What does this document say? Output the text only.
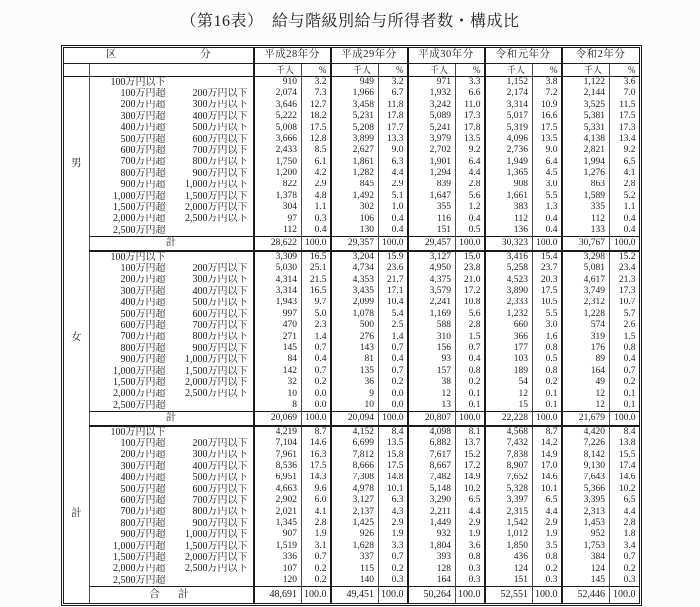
（第16表）　給与階級別給与所得者数・構成比
区 分		平成28年分		平成29年分		平成30年分		令和元年分		令和2年分	
		千人	%	千人	%	千人	%	千人	%	千人	%
男	100万円以下	910	3.2	949	3.2	971	3.3	1,152	3.8	1,122	3.6
	100万円超 200万円以下	2,074	7.3	1,966	6.7	1,932	6.6	2,174	7.2	2,144	7.0
	200万円超 300万円以下	3,646	12.7	3,458	11.8	3,242	11.0	3,314	10.9	3,525	11.5
	300万円超 400万円以下	5,222	18.2	5,231	17.8	5,089	17.3	5,017	16.6	5,381	17.5
	400万円超 500万円以下	5,008	17.5	5,208	17.7	5,241	17.8	5,319	17.5	5,331	17.3
	500万円超 600万円以下	3,666	12.8	3,899	13.3	3,979	13.5	4,096	13.5	4,138	13.4
	600万円超 700万円以下	2,433	8.5	2,627	9.0	2,702	9.2	2,736	9.0	2,821	9.2
	700万円超 800万円以下	1,750	6.1	1,861	6.3	1,901	6.4	1,949	6.4	1,994	6.5
	800万円超 900万円以下	1,200	4.2	1,282	4.4	1,294	4.4	1,365	4.5	1,276	4.1
	900万円超 1,000万円以下	822	2.9	845	2.9	839	2.8	908	3.0	863	2.8
	1,000万円超 1,500万円以下	1,378	4.8	1,492	5.1	1,647	5.6	1,661	5.5	1,589	5.2
	1,500万円超 2,000万円以下	304	1.1	302	1.0	355	1.2	383	1.3	335	1.1
	2,000万円超 2,500万円以下	97	0.3	106	0.4	116	0.4	112	0.4	112	0.4
	2,500万円超	112	0.4	130	0.4	151	0.5	136	0.4	133	0.4
	計	28,622	100.0	29,357	100.0	29,457	100.0	30,323	100.0	30,767	100.0
女	100万円以下	3,309	16.5	3,204	15.9	3,127	15.0	3,416	15.4	3,298	15.2
	100万円超 200万円以下	5,030	25.1	4,734	23.6	4,950	23.8	5,258	23.7	5,081	23.4
	200万円超 300万円以下	4,314	21.5	4,353	21.7	4,375	21.0	4,523	20.3	4,617	21.3
	300万円超 400万円以下	3,314	16.5	3,435	17.1	3,579	17.2	3,890	17.5	3,749	17.3
	400万円超 500万円以下	1,943	9.7	2,099	10.4	2,241	10.8	2,333	10.5	2,312	10.7
	500万円超 600万円以下	997	5.0	1,078	5.4	1,169	5.6	1,232	5.5	1,228	5.7
	600万円超 700万円以下	470	2.3	500	2.5	588	2.8	660	3.0	574	2.6
	700万円超 800万円以下	271	1.4	276	1.4	310	1.5	366	1.6	319	1.5
	800万円超 900万円以下	145	0.7	143	0.7	156	0.7	177	0.8	176	0.8
	900万円超 1,000万円以下	84	0.4	81	0.4	93	0.4	103	0.5	89	0.4
	1,000万円超 1,500万円以下	142	0.7	135	0.7	157	0.8	189	0.8	164	0.7
	1,500万円超 2,000万円以下	32	0.2	36	0.2	38	0.2	54	0.2	49	0.2
	2,000万円超 2,500万円以下	10	0.0	9	0.0	12	0.1	12	0.1	12	0.1
	2,500万円超	8	0.0	10	0.0	13	0.1	15	0.1	12	0.1
	計	20,069	100.0	20,094	100.0	20,807	100.0	22,228	100.0	21,679	100.0
計	100万円以下	4,219	8.7	4,152	8.4	4,098	8.1	4,568	8.7	4,420	8.4
	100万円超 200万円以下	7,104	14.6	6,699	13.5	6,882	13.7	7,432	14.2	7,226	13.8
	200万円超 300万円以下	7,961	16.3	7,812	15.8	7,617	15.2	7,838	14.9	8,142	15.5
	300万円超 400万円以下	8,536	17.5	8,666	17.5	8,667	17.2	8,907	17.0	9,130	17.4
	400万円超 500万円以下	6,951	14.3	7,308	14.8	7,482	14.9	7,652	14.6	7,643	14.6
	500万円超 600万円以下	4,663	9.6	4,978	10.1	5,148	10.2	5,328	10.1	5,366	10.2
	600万円超 700万円以下	2,902	6.0	3,127	6.3	3,290	6.5	3,397	6.5	3,395	6.5
	700万円超 800万円以下	2,021	4.1	2,137	4.3	2,211	4.4	2,315	4.4	2,313	4.4
	800万円超 900万円以下	1,345	2.8	1,425	2.9	1,449	2.9	1,542	2.9	1,453	2.8
	900万円超 1,000万円以下	907	1.9	926	1.9	932	1.9	1,012	1.9	952	1.8
	1,000万円超 1,500万円以下	1,519	3.1	1,628	3.3	1,804	3.6	1,850	3.5	1,753	3.4
	1,500万円超 2,000万円以下	336	0.7	337	0.7	393	0.8	436	0.8	384	0.7
	2,000万円超 2,500万円以下	107	0.2	115	0.2	128	0.3	124	0.2	124	0.2
	2,500万円超	120	0.2	140	0.3	164	0.3	151	0.3	145	0.3
	合　計	48,691	100.0	49,451	100.0	50,264	100.0	52,551	100.0	52,446	100.0
